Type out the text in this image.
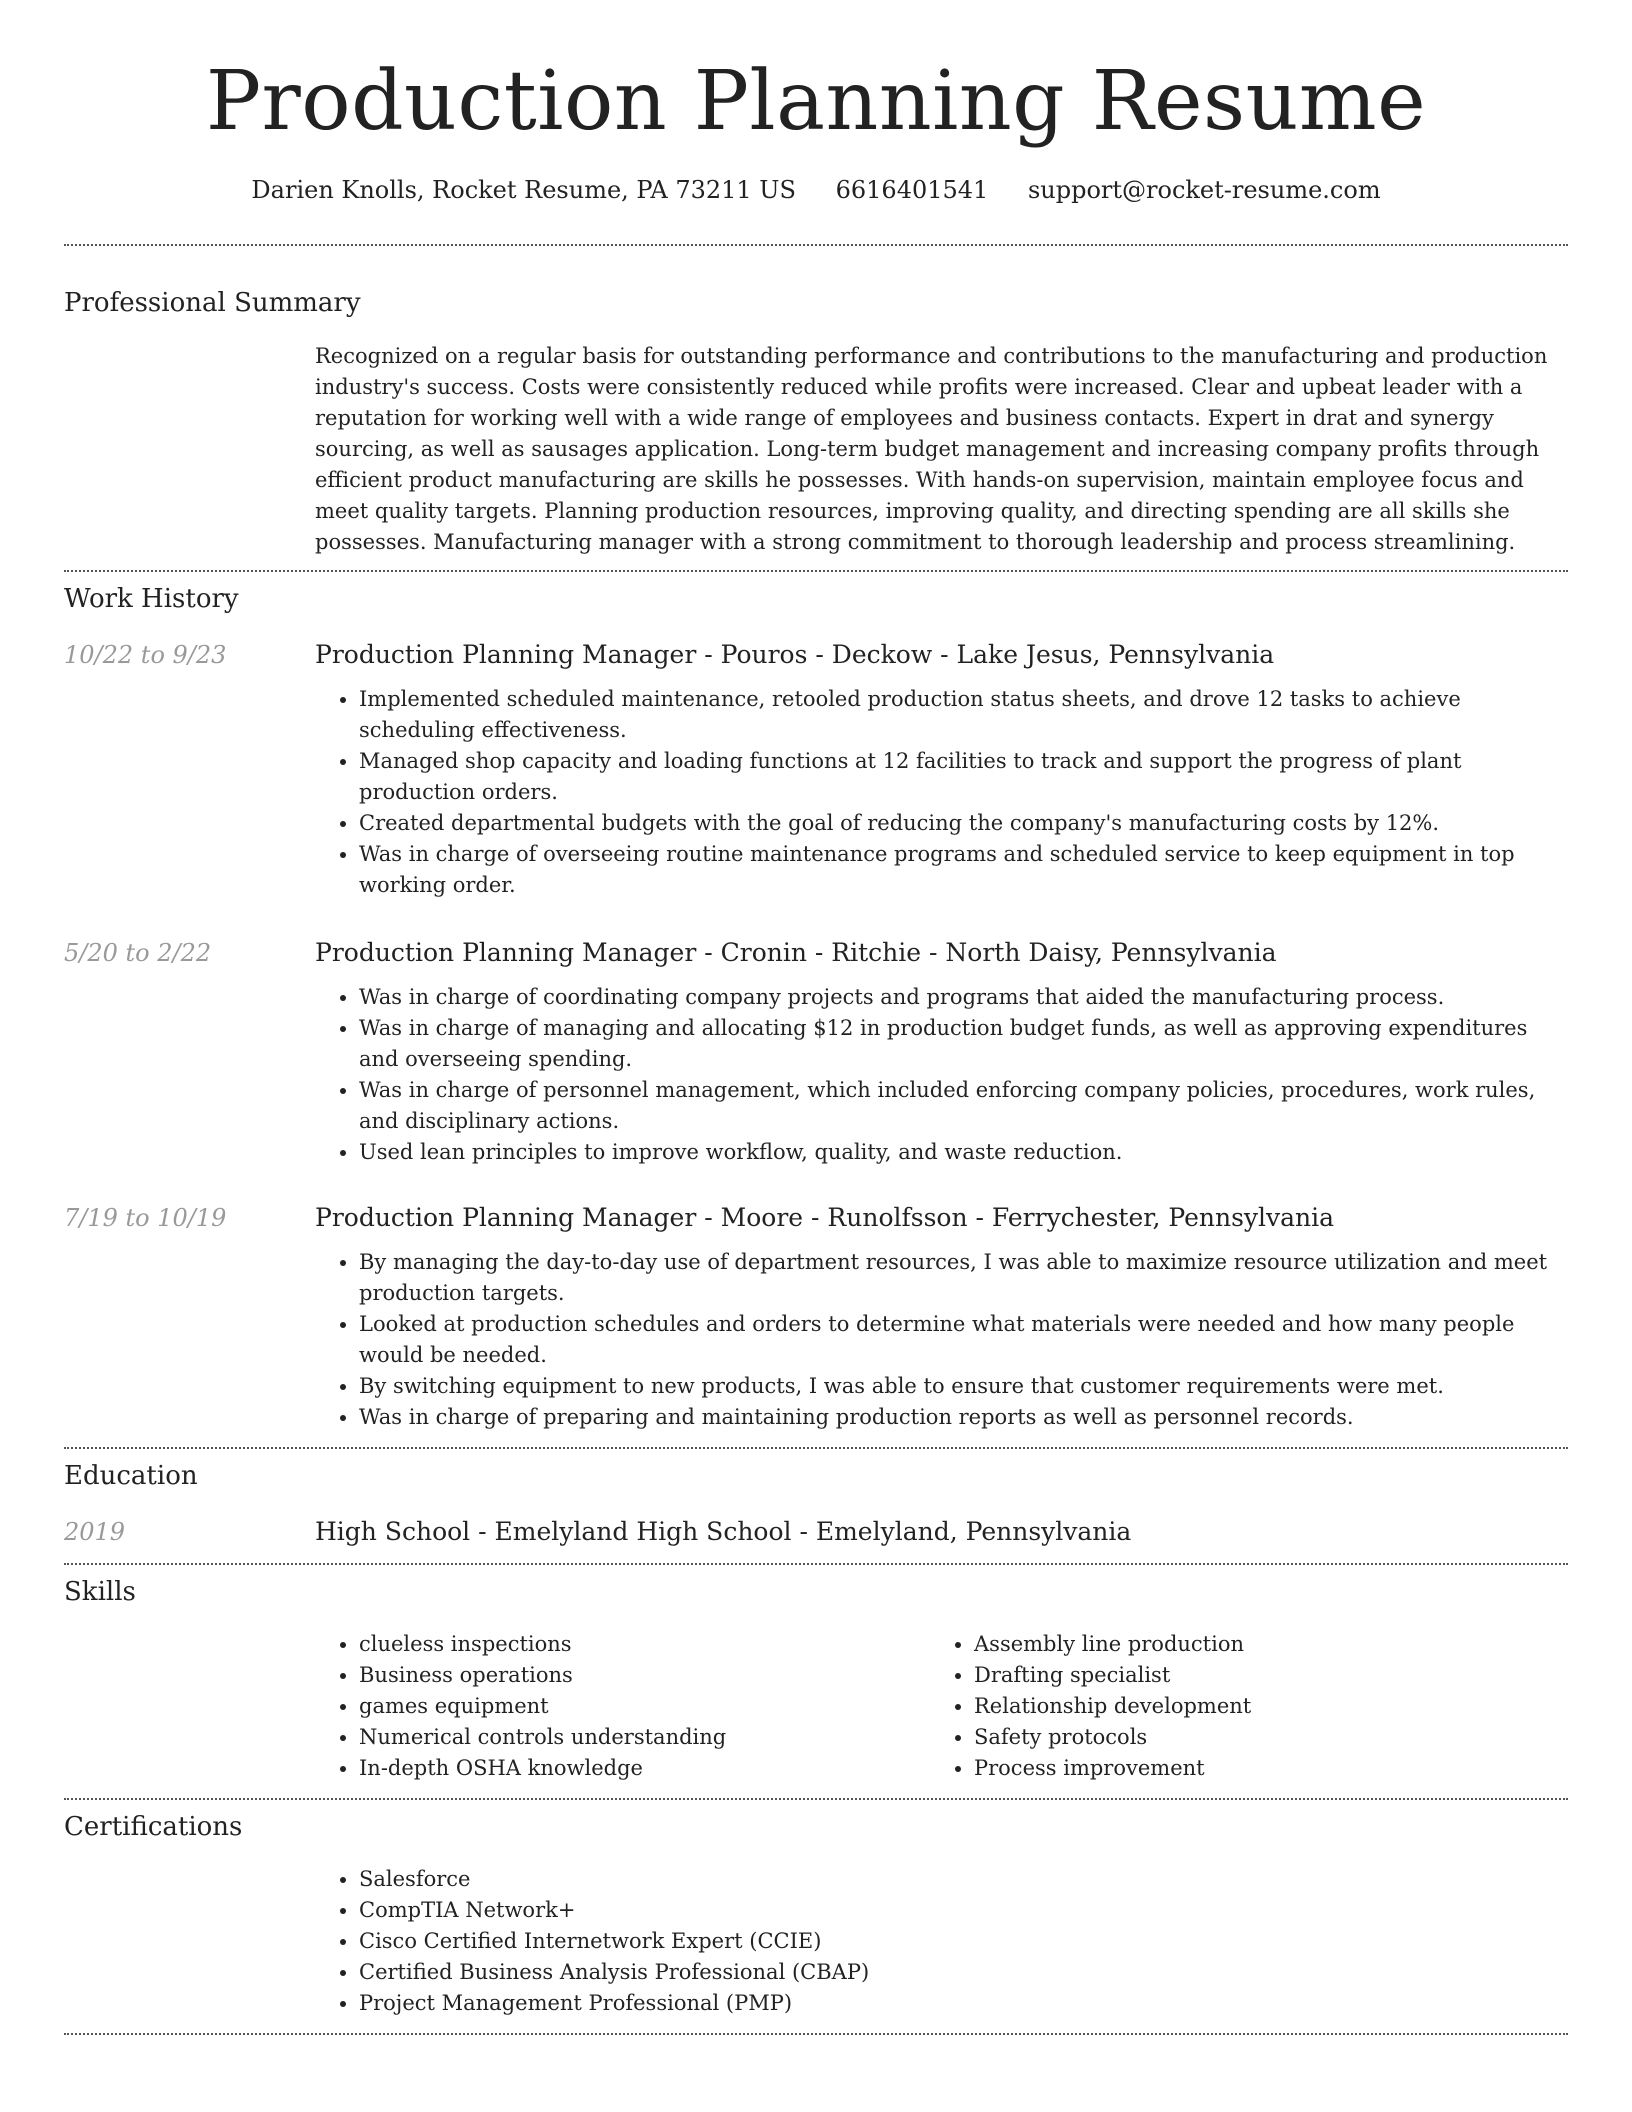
Production Planning Resume
Darien Knolls, Rocket Resume, PA 73211 US 6616401541 support@rocket-resume.com
Professional Summary

Recognized on a regular basis for outstanding performance and contributions to the manufacturing and production industry's success. Costs were consistently reduced while profits were increased. Clear and upbeat leader with a reputation for working well with a wide range of employees and business contacts. Expert in drat and synergy sourcing, as well as sausages application. Long-term budget management and increasing company profits through efficient product manufacturing are skills he possesses. With hands-on supervision, maintain employee focus and meet quality targets. Planning production resources, improving quality, and directing spending are all skills she possesses. Manufacturing manager with a strong commitment to thorough leadership and process streamlining.

Work History
10/22 to 9/23	Production Planning Manager - Pouros - Deckow - Lake Jesus, Pennsylvania
• Implemented scheduled maintenance, retooled production status sheets, and drove 12 tasks to achieve scheduling effectiveness.
• Managed shop capacity and loading functions at 12 facilities to track and support the progress of plant production orders.
• Created departmental budgets with the goal of reducing the company's manufacturing costs by 12%.
• Was in charge of overseeing routine maintenance programs and scheduled service to keep equipment in top working order.
5/20 to 2/22	Production Planning Manager - Cronin - Ritchie - North Daisy, Pennsylvania
• Was in charge of coordinating company projects and programs that aided the manufacturing process.
• Was in charge of managing and allocating $12 in production budget funds, as well as approving expenditures and overseeing spending.
• Was in charge of personnel management, which included enforcing company policies, procedures, work rules, and disciplinary actions.
• Used lean principles to improve workflow, quality, and waste reduction.
7/19 to 10/19	Production Planning Manager - Moore - Runolfsson - Ferrychester, Pennsylvania
• By managing the day-to-day use of department resources, I was able to maximize resource utilization and meet production targets.
• Looked at production schedules and orders to determine what materials were needed and how many people would be needed.
• By switching equipment to new products, I was able to ensure that customer requirements were met.
• Was in charge of preparing and maintaining production reports as well as personnel records.
Education
2019	High School - Emelyland High School - Emelyland, Pennsylvania
Skills
• clueless inspections
• Business operations
• games equipment
• Numerical controls understanding
• In-depth OSHA knowledge
• Assembly line production
• Drafting specialist
• Relationship development
• Safety protocols
• Process improvement
Certifications
• Salesforce
• CompTIA Network+
• Cisco Certified Internetwork Expert (CCIE)
• Certified Business Analysis Professional (CBAP)
• Project Management Professional (PMP)
